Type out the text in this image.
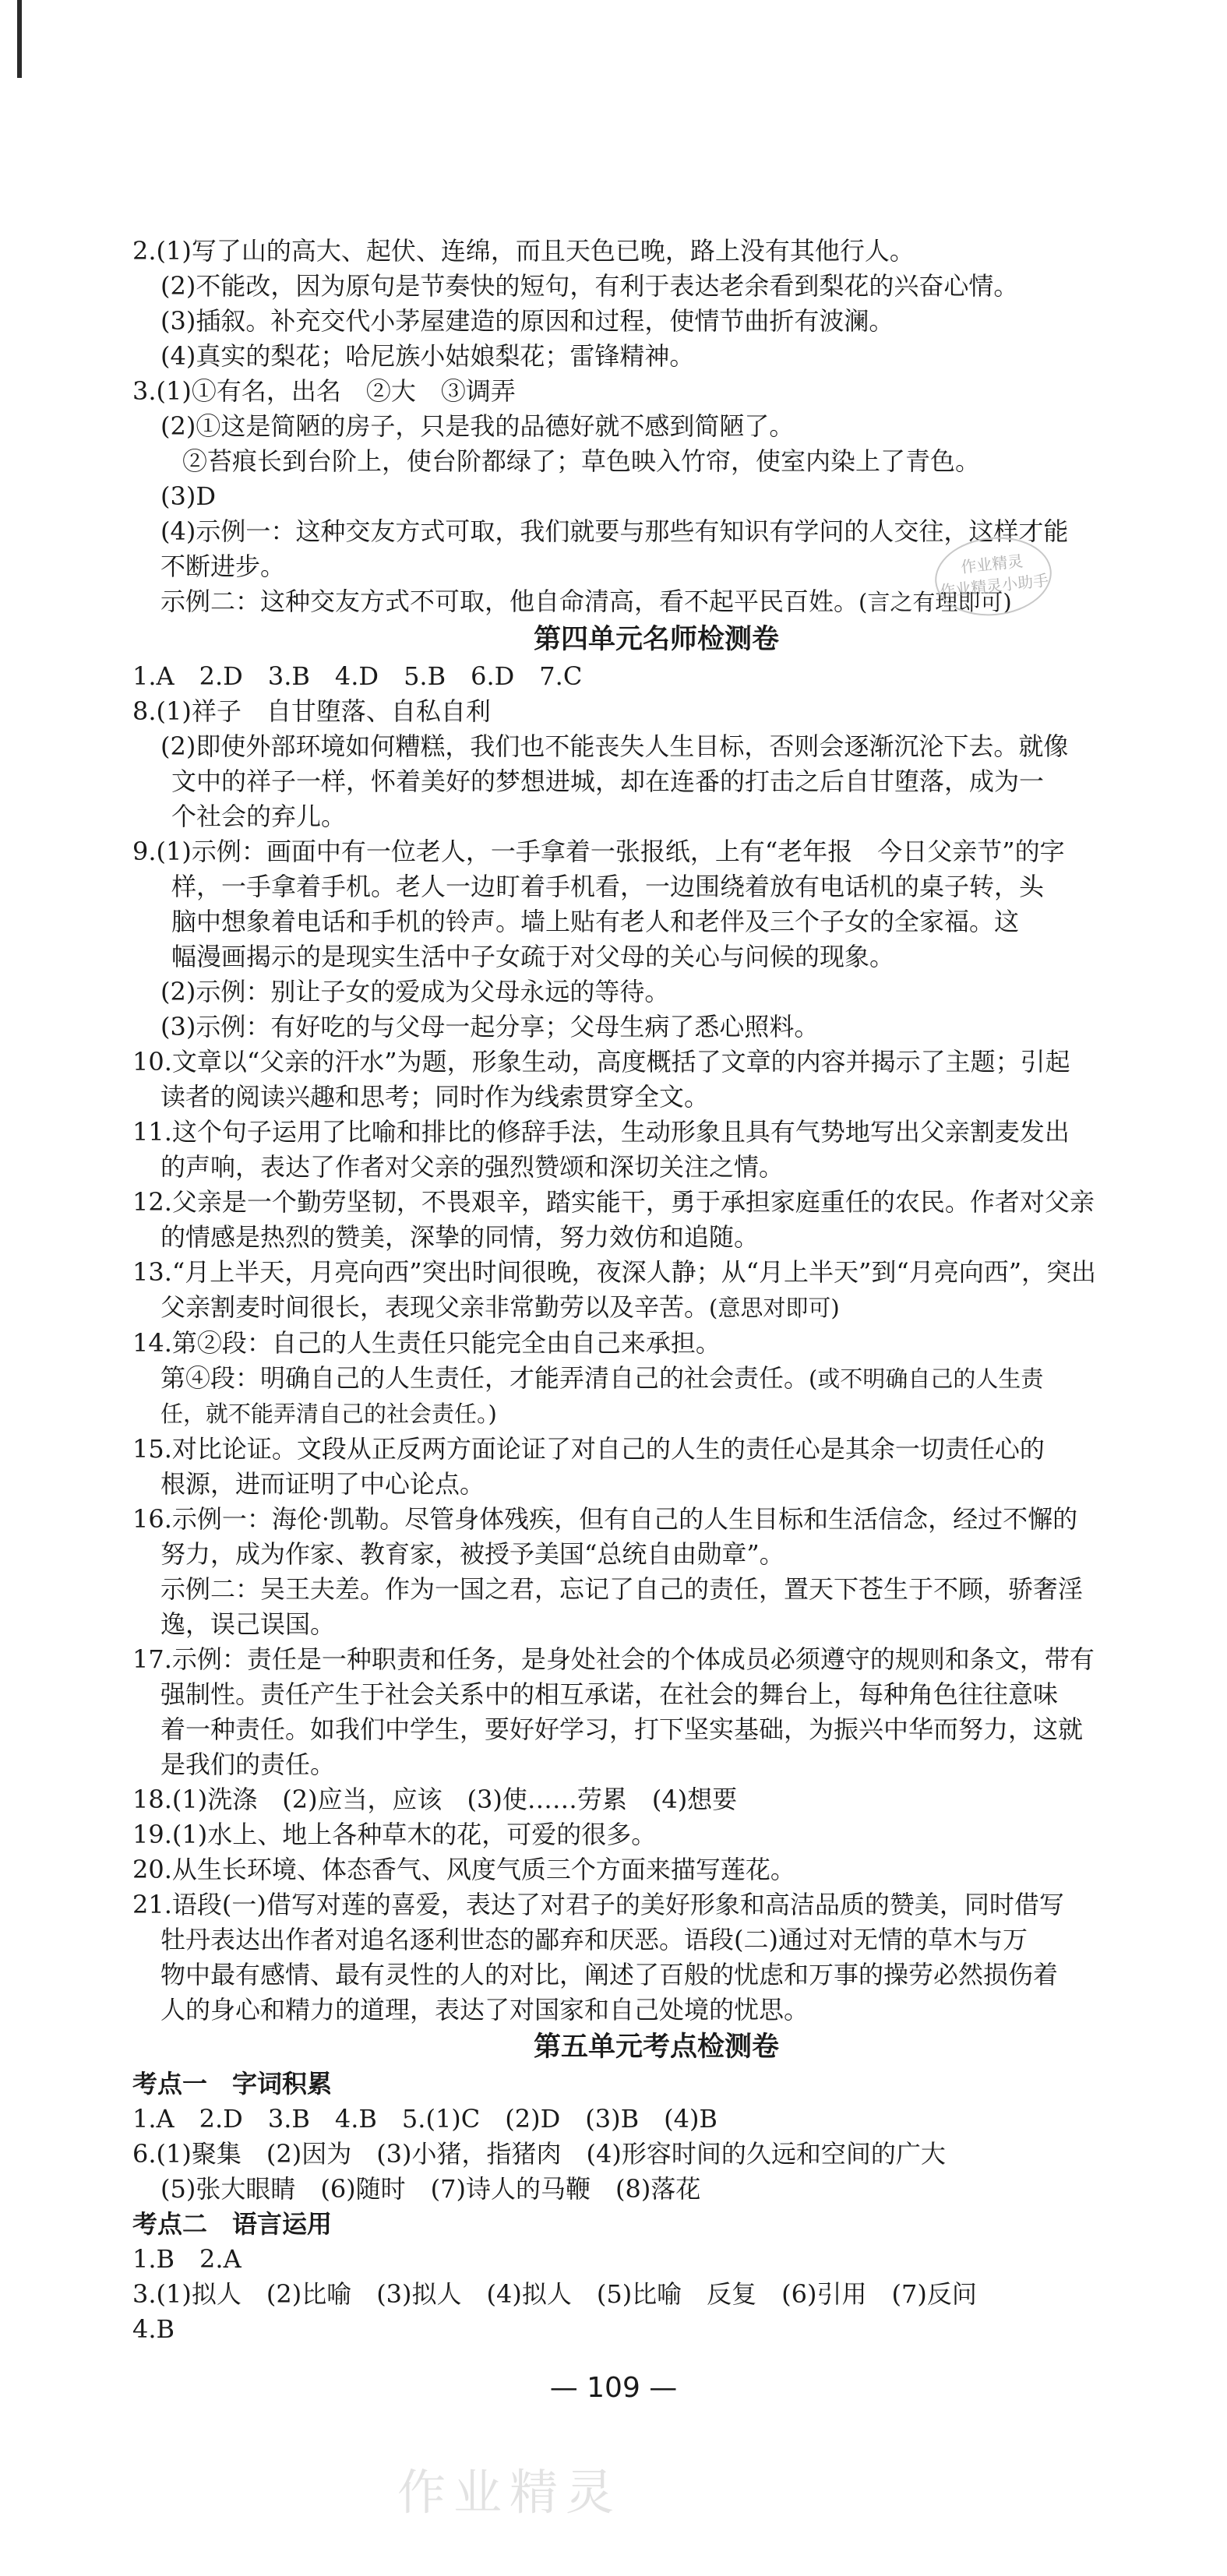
2.(1)写了山的高大、起伏、连绵，而且天色已晚，路上没有其他行人。
(2)不能改，因为原句是节奏快的短句，有利于表达老余看到梨花的兴奋心情。
(3)插叙。补充交代小茅屋建造的原因和过程，使情节曲折有波澜。
(4)真实的梨花；哈尼族小姑娘梨花；雷锋精神。
3.(1)①有名，出名　②大　③调弄
(2)①这是简陋的房子，只是我的品德好就不感到简陋了。
②苔痕长到台阶上，使台阶都绿了；草色映入竹帘，使室内染上了青色。
(3)D
(4)示例一：这种交友方式可取，我们就要与那些有知识有学问的人交往，这样才能
不断进步。
示例二：这种交友方式不可取，他自命清高，看不起平民百姓。(言之有理即可)
第四单元名师检测卷
1.A　2.D　3.B　4.D　5.B　6.D　7.C
8.(1)祥子　自甘堕落、自私自利
(2)即使外部环境如何糟糕，我们也不能丧失人生目标，否则会逐渐沉沦下去。就像
文中的祥子一样，怀着美好的梦想进城，却在连番的打击之后自甘堕落，成为一
个社会的弃儿。
9.(1)示例：画面中有一位老人，一手拿着一张报纸，上有“老年报　今日父亲节”的字
样，一手拿着手机。老人一边盯着手机看，一边围绕着放有电话机的桌子转，头
脑中想象着电话和手机的铃声。墙上贴有老人和老伴及三个子女的全家福。这
幅漫画揭示的是现实生活中子女疏于对父母的关心与问候的现象。
(2)示例：别让子女的爱成为父母永远的等待。
(3)示例：有好吃的与父母一起分享；父母生病了悉心照料。
10.文章以“父亲的汗水”为题，形象生动，高度概括了文章的内容并揭示了主题；引起
读者的阅读兴趣和思考；同时作为线索贯穿全文。
11.这个句子运用了比喻和排比的修辞手法，生动形象且具有气势地写出父亲割麦发出
的声响，表达了作者对父亲的强烈赞颂和深切关注之情。
12.父亲是一个勤劳坚韧，不畏艰辛，踏实能干，勇于承担家庭重任的农民。作者对父亲
的情感是热烈的赞美，深挚的同情，努力效仿和追随。
13.“月上半天，月亮向西”突出时间很晚，夜深人静；从“月上半天”到“月亮向西”，突出
父亲割麦时间很长，表现父亲非常勤劳以及辛苦。(意思对即可)
14.第②段：自己的人生责任只能完全由自己来承担。
第④段：明确自己的人生责任，才能弄清自己的社会责任。(或不明确自己的人生责
任，就不能弄清自己的社会责任。)
15.对比论证。文段从正反两方面论证了对自己的人生的责任心是其余一切责任心的
根源，进而证明了中心论点。
16.示例一：海伦·凯勒。尽管身体残疾，但有自己的人生目标和生活信念，经过不懈的
努力，成为作家、教育家，被授予美国“总统自由勋章”。
示例二：吴王夫差。作为一国之君，忘记了自己的责任，置天下苍生于不顾，骄奢淫
逸，误己误国。
17.示例：责任是一种职责和任务，是身处社会的个体成员必须遵守的规则和条文，带有
强制性。责任产生于社会关系中的相互承诺，在社会的舞台上，每种角色往往意味
着一种责任。如我们中学生，要好好学习，打下坚实基础，为振兴中华而努力，这就
是我们的责任。
18.(1)洗涤　(2)应当，应该　(3)使……劳累　(4)想要
19.(1)水上、地上各种草木的花，可爱的很多。
20.从生长环境、体态香气、风度气质三个方面来描写莲花。
21.语段(一)借写对莲的喜爱，表达了对君子的美好形象和高洁品质的赞美，同时借写
牡丹表达出作者对追名逐利世态的鄙弃和厌恶。语段(二)通过对无情的草木与万
物中最有感情、最有灵性的人的对比，阐述了百般的忧虑和万事的操劳必然损伤着
人的身心和精力的道理，表达了对国家和自己处境的忧思。
第五单元考点检测卷
考点一　字词积累
1.A　2.D　3.B　4.B　5.(1)C　(2)D　(3)B　(4)B
6.(1)聚集　(2)因为　(3)小猪，指猪肉　(4)形容时间的久远和空间的广大
(5)张大眼睛　(6)随时　(7)诗人的马鞭　(8)落花
考点二　语言运用
1.B　2.A
3.(1)拟人　(2)比喻　(3)拟人　(4)拟人　(5)比喻　反复　(6)引用　(7)反问
4.B
作业精灵
作业精灵小助手
— 109 —
作业精灵
